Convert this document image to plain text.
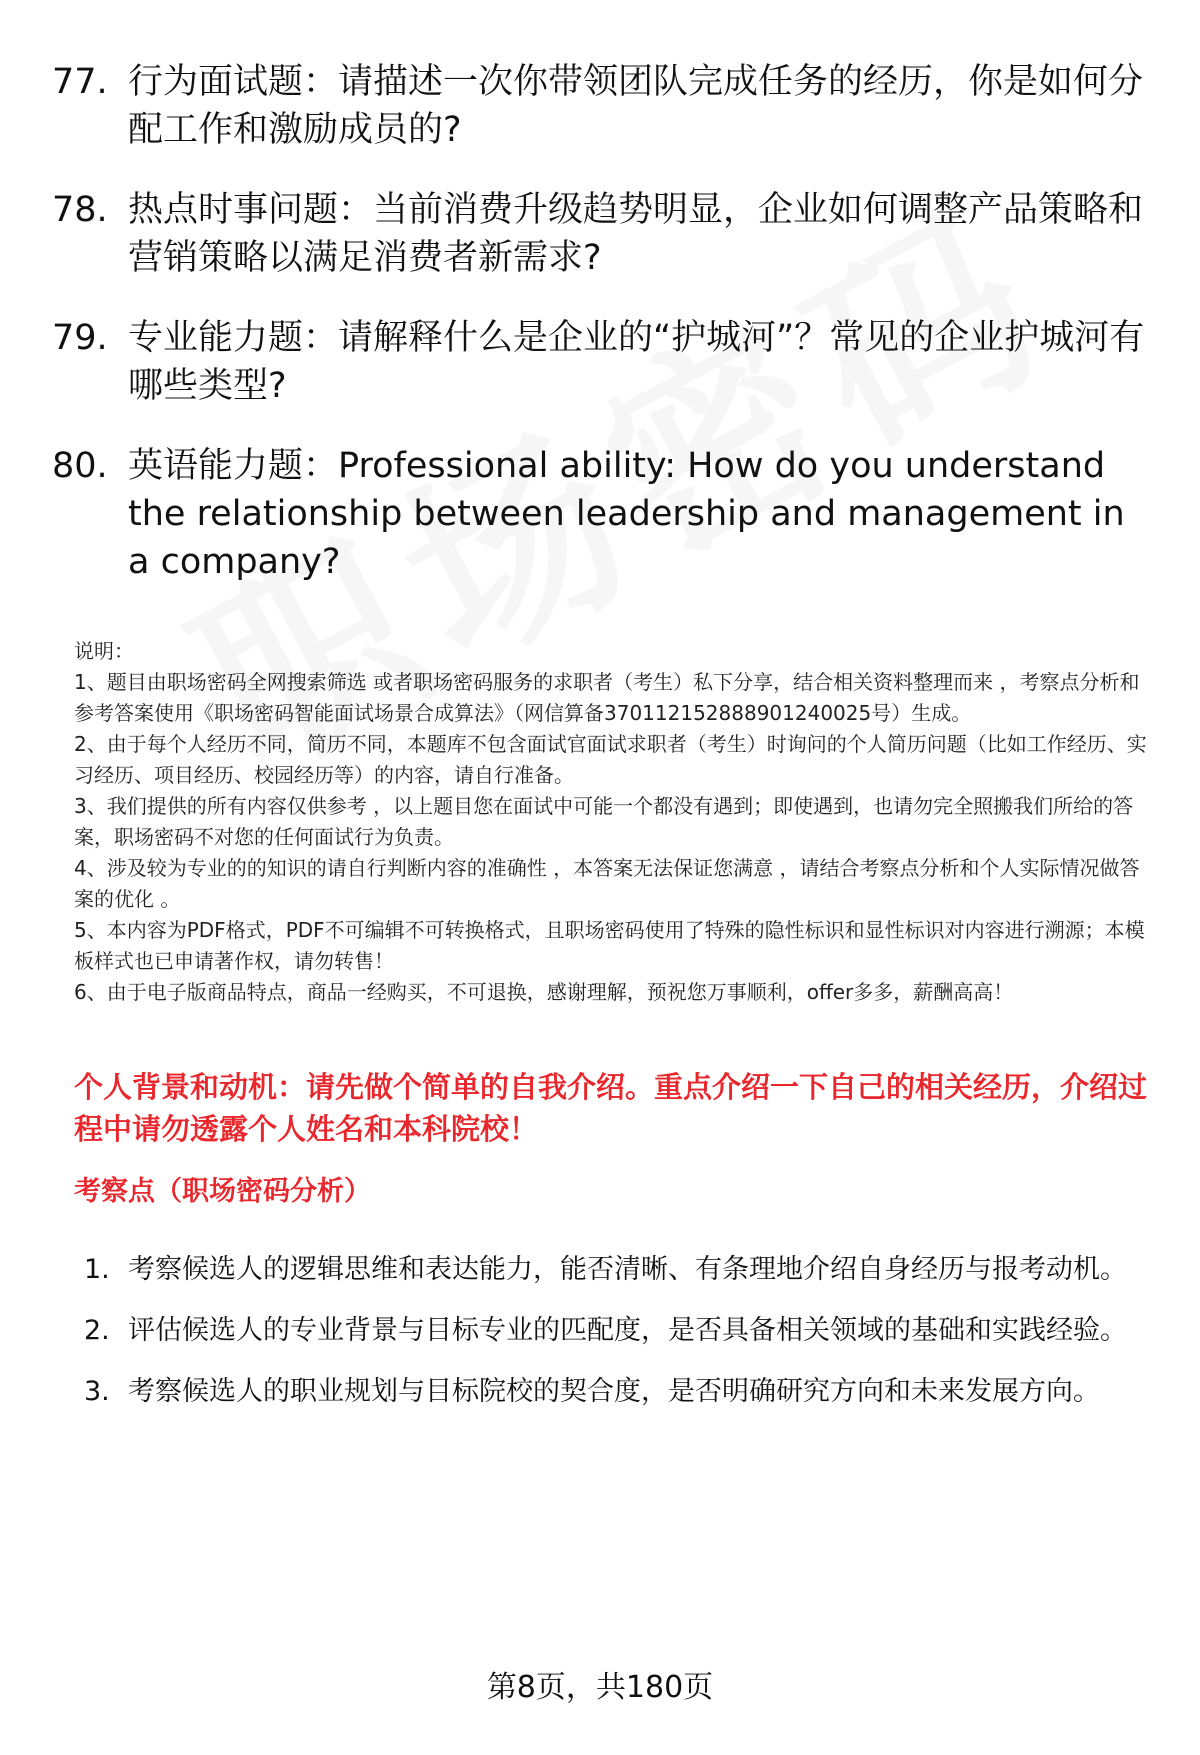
77. 行为面试题：请描述一次你带领团队完成任务的经历，你是如何分配工作和激励成员的?
78. 热点时事问题：当前消费升级趋势明显，企业如何调整产品策略和营销策略以满足消费者新需求?
79. 专业能力题：请解释什么是企业的“护城河”？常见的企业护城河有哪些类型?
80. 英语能力题：Professional ability: How do you understand the relationship between leadership and management in a company?

说明：

1、题目由职场密码全网搜索筛选 或者职场密码服务的求职者（考生）私下分享，结合相关资料整理而来 ，考察点分析和参考答案使用《职场密码智能面试场景合成算法》（网信算备370112152888901240025号）生成。

2、由于每个人经历不同，简历不同，本题库不包含面试官面试求职者（考生）时询问的个人简历问题（比如工作经历、实习经历、项目经历、校园经历等）的内容，请自行准备。

3、我们提供的所有内容仅供参考 ，以上题目您在面试中可能一个都没有遇到；即使遇到，也请勿完全照搬我们所给的答案，职场密码不对您的任何面试行为负责。

4、涉及较为专业的的知识的请自行判断内容的准确性 ，本答案无法保证您满意 ，请结合考察点分析和个人实际情况做答案的优化 。

5、本内容为PDF格式，PDF不可编辑不可转换格式，且职场密码使用了特殊的隐性标识和显性标识对内容进行溯源；本模板样式也已申请著作权，请勿转售！

6、由于电子版商品特点，商品一经购买，不可退换，感谢理解，预祝您万事顺利，offer多多，薪酬高高！

个人背景和动机：请先做个简单的自我介绍。重点介绍一下自己的相关经历，介绍过程中请勿透露个人姓名和本科院校！

考察点（职场密码分析）

1. 考察候选人的逻辑思维和表达能力，能否清晰、有条理地介绍自身经历与报考动机。
2. 评估候选人的专业背景与目标专业的匹配度，是否具备相关领域的基础和实践经验。
3. 考察候选人的职业规划与目标院校的契合度，是否明确研究方向和未来发展方向。
第8页，共180页
